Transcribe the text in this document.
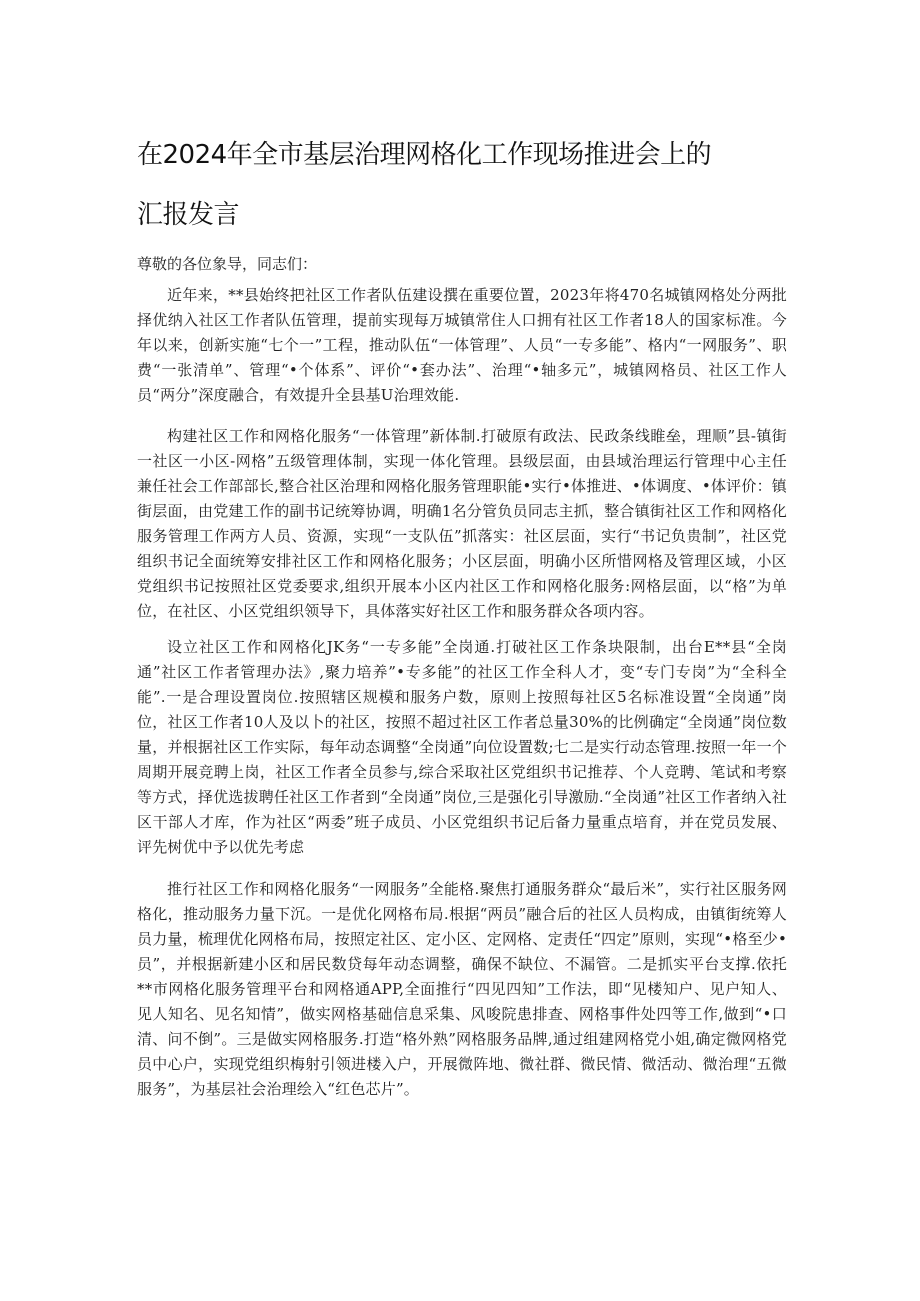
在2024年全市基层治理网格化工作现场推进会上的
汇报发言
尊敬的各位象导，同志们：

近年来，**县始终把社区工作者队伍建设撰在重要位置，2023年将470名城镇网格处分两批择优纳入社区工作者队伍管理，提前实现每万城镇常住人口拥有社区工作者18人的国家标准。今年以来，创新实施“七个一”工程，推动队伍“一体管理”、人员“一专多能”、格内“一网服务”、职费“一张清单”、管理“•个体系”、评价“•套办法”、治理“•轴多元”，城镇网格员、社区工作人员“两分”深度融合，有效提升全县基U治理效能.

构建社区工作和网格化服务“一体管理”新体制.打破原有政法、民政条线睢垒，理顺”县-镇街一社区一小区-网格”五级管理体制，实现一体化管理。县级层面，由县域治理运行管理中心主任兼任社会工作部部长,整合社区治理和网格化服务管理职能•实行•体推进、•体调度、•体评价：镇街层面，由党建工作的副书记统筹协调，明确1名分管负员同志主抓，整合镇街社区工作和网格化服务管理工作两方人员、资源，实现“一支队伍”抓落实：社区层面，实行“书记负贵制”，社区党组织书记全面统筹安排社区工作和网格化服务；小区层面，明确小区所惜网格及管理区域，小区党组织书记按照社区党委要求,组织开展本小区内社区工作和网格化服务:网格层面，以“格”为单位，在社区、小区党组织领导下，具体落实好社区工作和服务群众各项内容。

设立社区工作和网格化JK务“一专多能”全岗通.打破社区工作条块限制，出台E**县“全岗通”社区工作者管理办法》,聚力培养”•专多能”的社区工作全科人才，变“专门专岗”为“全科全能”.一是合理设置岗位.按照辖区规模和服务户数，原则上按照每社区5名标准设置“全岗通”岗位，社区工作者10人及以卜的社区，按照不超过社区工作者总量30%的比例确定“全岗通”岗位数量，并根据社区工作实际，每年动态调整“全岗通”向位设置数;七二是实行动态管理.按照一年一个周期开展竞聘上岗，社区工作者全员参与,综合采取社区党组织书记推荐、个人竞聘、笔试和考察等方式，择优选拔聘任社区工作者到“全岗通”岗位,三是强化引导激励.“全岗通”社区工作者纳入社区干部人才库，作为社区“两委”班子成员、小区党组织书记后备力量重点培育，并在党员发展、评先树优中予以优先考虑

推行社区工作和网格化服务“一网服务”全能格.聚焦打通服务群众“最后米”，实行社区服务网格化，推动服务力量下沉。一是优化网格布局.根据“两员”融合后的社区人员构成，由镇街统筹人员力量，梳理优化网格布局，按照定社区、定小区、定网格、定责任“四定”原则，实现“•格至少•员”，并根据新建小区和居民数贷每年动态调整，确保不缺位、不漏管。二是抓实平台支撑.依托**市网格化服务管理平台和网格通APP,全面推行“四见四知”工作法，即“见楼知户、见户知人、见人知名、见名知情”，做实网格基础信息采集、风唆院患排查、网格事件处四等工作,做到“•口清、问不倒”。三是做实网格服务.打造“格外熟”网格服务品牌,通过组建网格党小姐,确定微网格党员中心户，实现党组织梅射引领进楼入户，开展微阵地、微社群、微民情、微活动、微治理“五微服务”，为基层社会治理绘入“红色芯片”。
